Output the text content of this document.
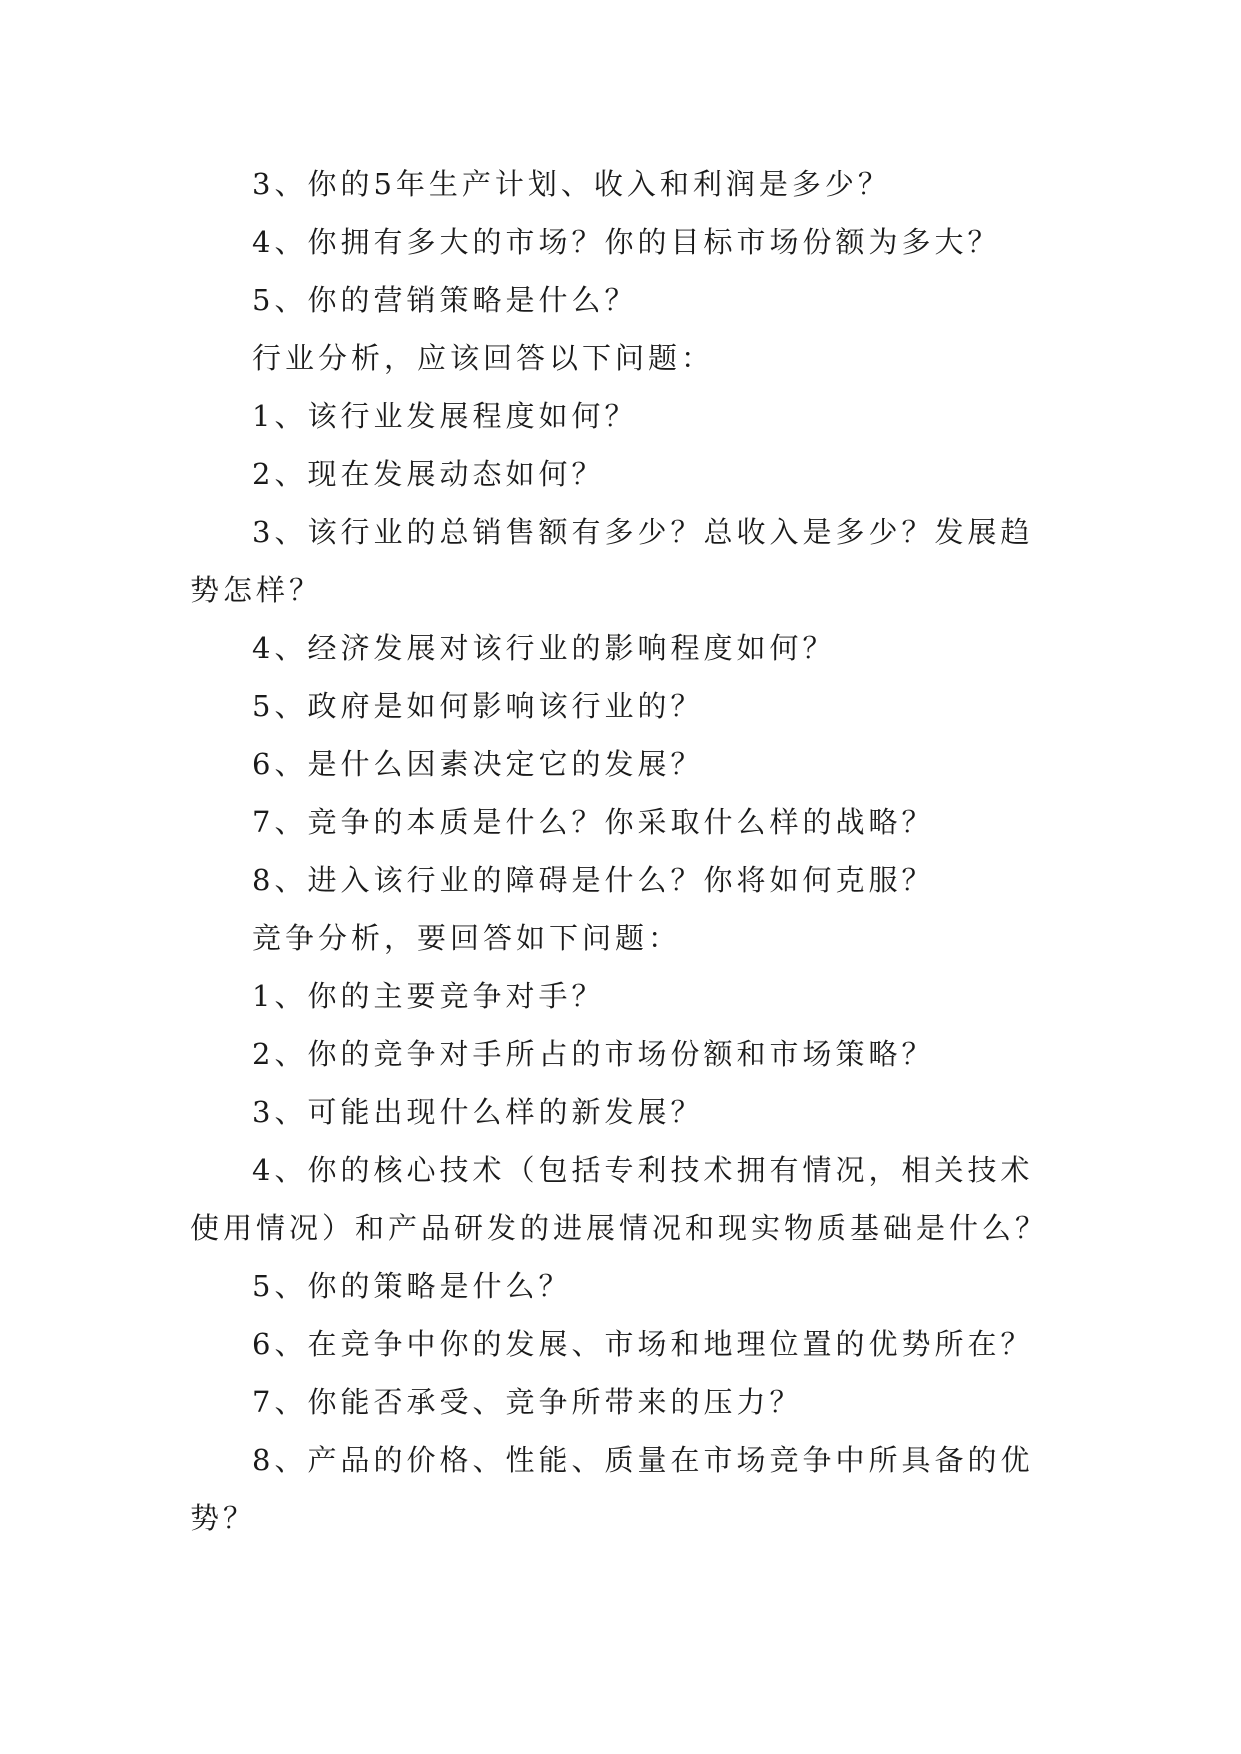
3、你的5年生产计划、收入和利润是多少？

4、你拥有多大的市场？你的目标市场份额为多大？

5、你的营销策略是什么？

行业分析，应该回答以下问题：

1、该行业发展程度如何？

2、现在发展动态如何？

3、该行业的总销售额有多少？总收入是多少？发展趋势怎样？

4、经济发展对该行业的影响程度如何？

5、政府是如何影响该行业的？

6、是什么因素决定它的发展？

7、竞争的本质是什么？你采取什么样的战略？

8、进入该行业的障碍是什么？你将如何克服？

竞争分析，要回答如下问题：

1、你的主要竞争对手？

2、你的竞争对手所占的市场份额和市场策略？

3、可能出现什么样的新发展？

4、你的核心技术（包括专利技术拥有情况，相关技术使用情况）和产品研发的进展情况和现实物质基础是什么？

5、你的策略是什么？

6、在竞争中你的发展、市场和地理位置的优势所在？

7、你能否承受、竞争所带来的压力？

8、产品的价格、性能、质量在市场竞争中所具备的优势？
